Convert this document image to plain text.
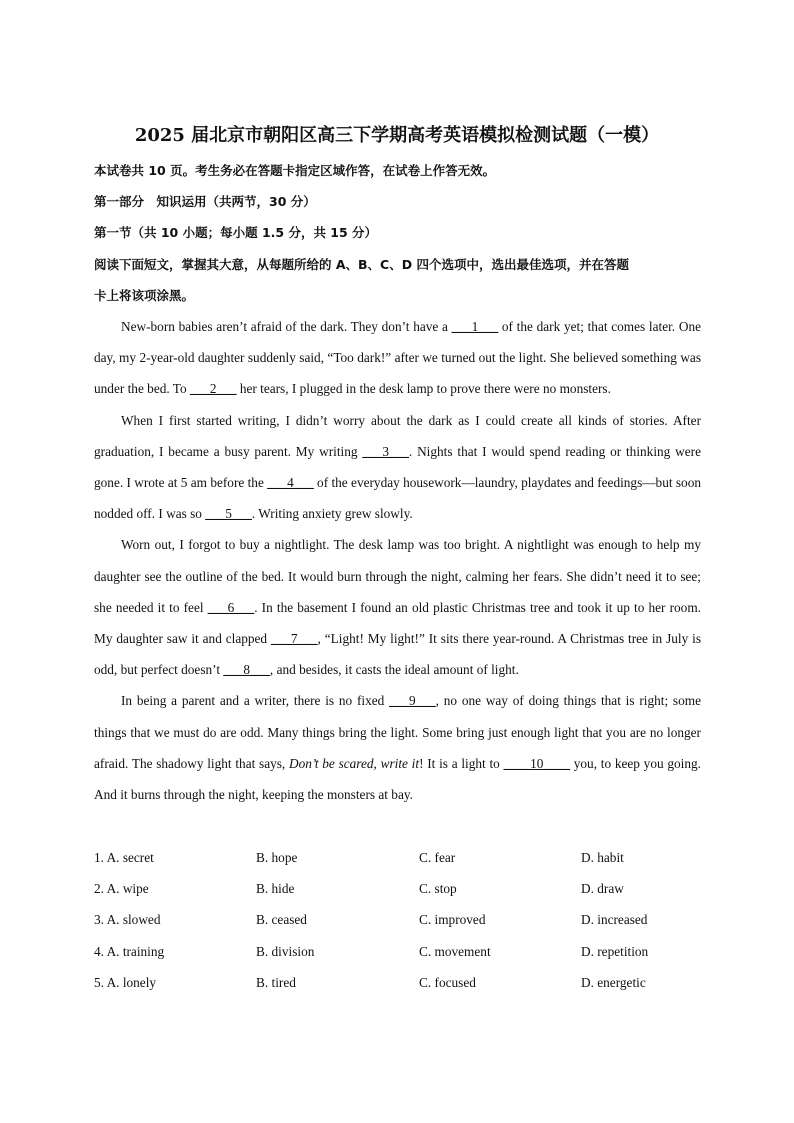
2025 届北京市朝阳区高三下学期高考英语模拟检测试题（一模）
本试卷共 10 页。考生务必在答题卡指定区域作答，在试卷上作答无效。
第一部分　知识运用（共两节，30 分）
第一节（共 10 小题；每小题 1.5 分，共 15 分）
阅读下面短文，掌握其大意，从每题所给的 A、B、C、D 四个选项中，选出最佳选项，并在答题
卡上将该项涂黑。

New-born babies aren’t afraid of the dark. They don’t have a ___1___ of the dark yet; that comes later. One day, my 2-year-old daughter suddenly said, “Too dark!” after we turned out the light. She believed something was under the bed. To ___2___ her tears, I plugged in the desk lamp to prove there were no monsters.

When I first started writing, I didn’t worry about the dark as I could create all kinds of stories. After graduation, I became a busy parent. My writing ___3___. Nights that I would spend reading or thinking were gone. I wrote at 5 am before the ___4___ of the everyday housework—laundry, playdates and feedings—but soon nodded off. I was so ___5___. Writing anxiety grew slowly.

Worn out, I forgot to buy a nightlight. The desk lamp was too bright. A nightlight was enough to help my daughter see the outline of the bed. It would burn through the night, calming her fears. She didn’t need it to see; she needed it to feel ___6___. In the basement I found an old plastic Christmas tree and took it up to her room. My daughter saw it and clapped ___7___, “Light! My light!” It sits there year-round. A Christmas tree in July is odd, but perfect doesn’t ___8___, and besides, it casts the ideal amount of light.

In being a parent and a writer, there is no fixed ___9___, no one way of doing things that is right; some things that we must do are odd. Many things bring the light. Some bring just enough light that you are no longer afraid. The shadowy light that says, Don’t be scared, write it! It is a light to ____10____ you, to keep you going. And it burns through the night, keeping the monsters at bay.

1. A. secret	B. hope	C. fear	D. habit
2. A. wipe	B. hide	C. stop	D. draw
3. A. slowed	B. ceased	C. improved	D. increased
4. A. training	B. division	C. movement	D. repetition
5. A. lonely	B. tired	C. focused	D. energetic
